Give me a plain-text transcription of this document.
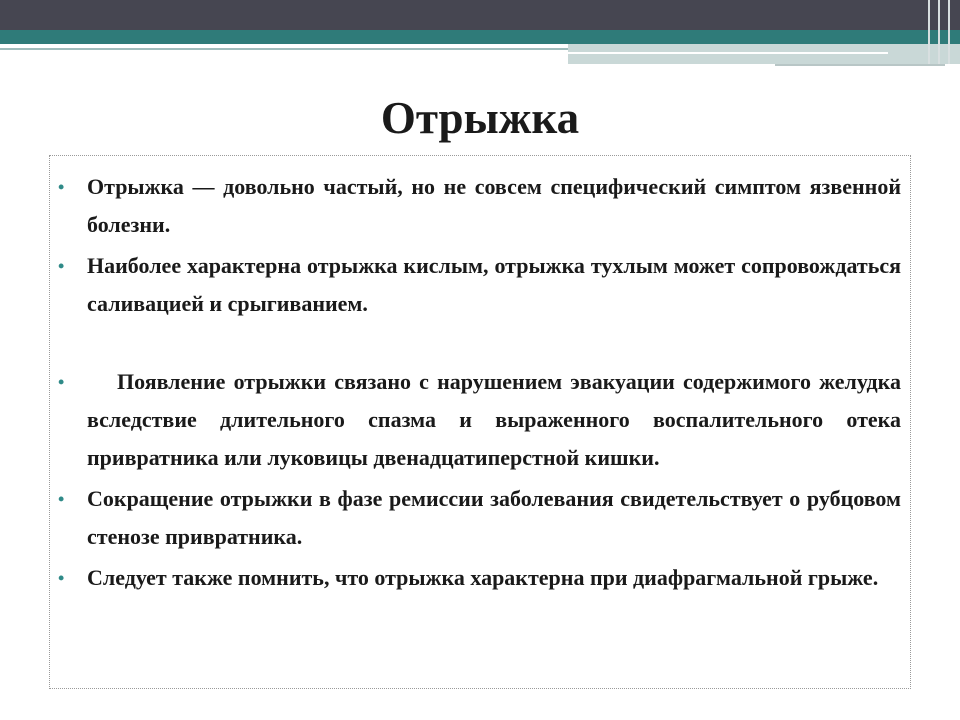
Отрыжка
• Отрыжка — довольно частый, но не совсем специфический симптом язвенной болезни.
• Наиболее характерна отрыжка кислым, отрыжка тухлым может сопровождаться саливацией и срыгиванием.
• Появление отрыжки связано с нарушением эвакуации содержимого желудка вследствие длительного спазма и выраженного воспалительного отека привратника или луковицы двенадцатиперстной кишки.
• Сокращение отрыжки в фазе ремиссии заболевания свидетельствует о рубцовом стенозе привратника.
• Следует также помнить, что отрыжка характерна при диафрагмальной грыже.
